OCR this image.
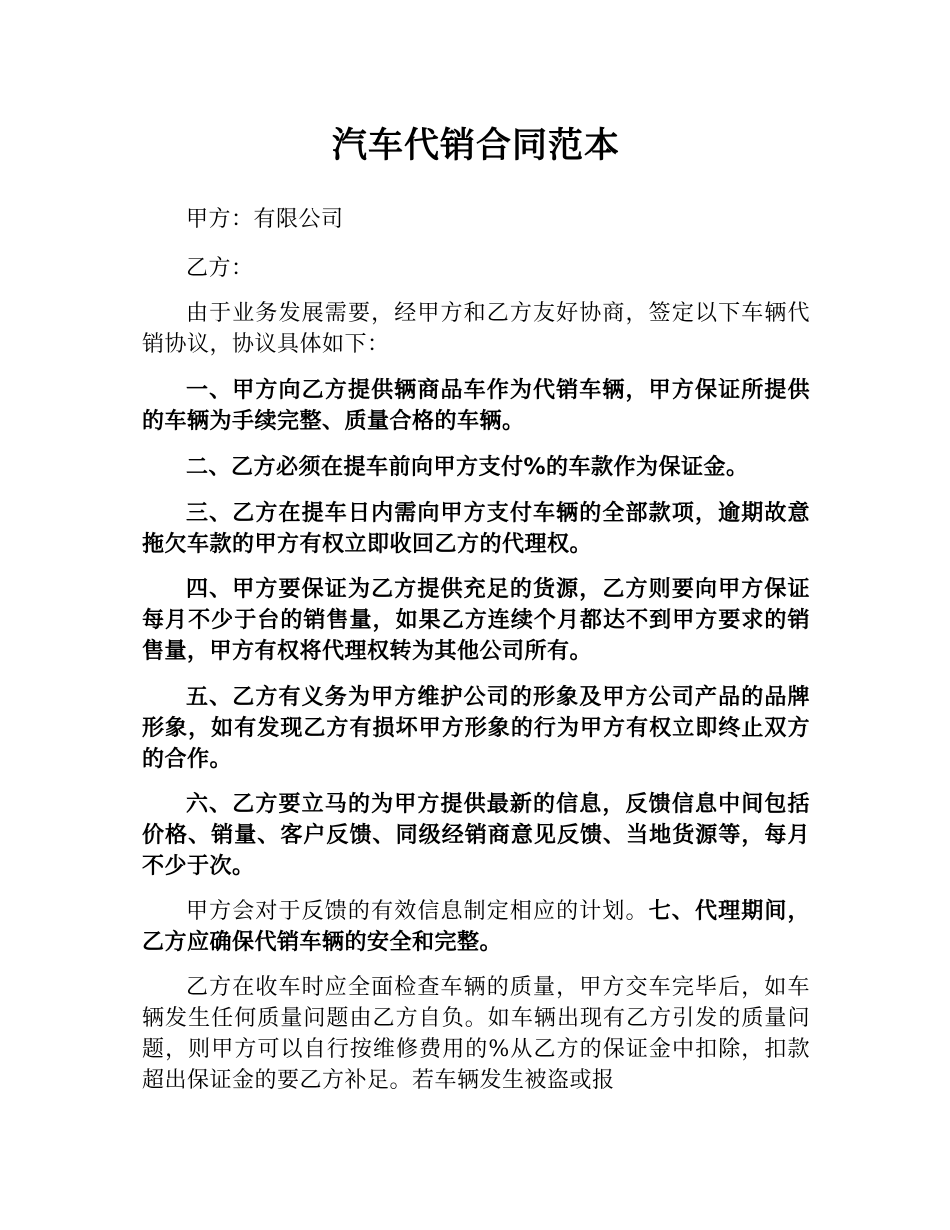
汽车代销合同范本

甲方：有限公司

乙方：

由于业务发展需要，经甲方和乙方友好协商，签定以下车辆代销协议，协议具体如下：

一、甲方向乙方提供辆商品车作为代销车辆，甲方保证所提供的车辆为手续完整、质量合格的车辆。

二、乙方必须在提车前向甲方支付%的车款作为保证金。

三、乙方在提车日内需向甲方支付车辆的全部款项，逾期故意拖欠车款的甲方有权立即收回乙方的代理权。

四、甲方要保证为乙方提供充足的货源，乙方则要向甲方保证每月不少于台的销售量，如果乙方连续个月都达不到甲方要求的销售量，甲方有权将代理权转为其他公司所有。

五、乙方有义务为甲方维护公司的形象及甲方公司产品的品牌形象，如有发现乙方有损坏甲方形象的行为甲方有权立即终止双方的合作。

六、乙方要立马的为甲方提供最新的信息，反馈信息中间包括价格、销量、客户反馈、同级经销商意见反馈、当地货源等，每月不少于次。

甲方会对于反馈的有效信息制定相应的计划。七、代理期间，乙方应确保代销车辆的安全和完整。

乙方在收车时应全面检查车辆的质量，甲方交车完毕后，如车辆发生任何质量问题由乙方自负。如车辆出现有乙方引发的质量问题，则甲方可以自行按维修费用的%从乙方的保证金中扣除，扣款超出保证金的要乙方补足。若车辆发生被盗或报
